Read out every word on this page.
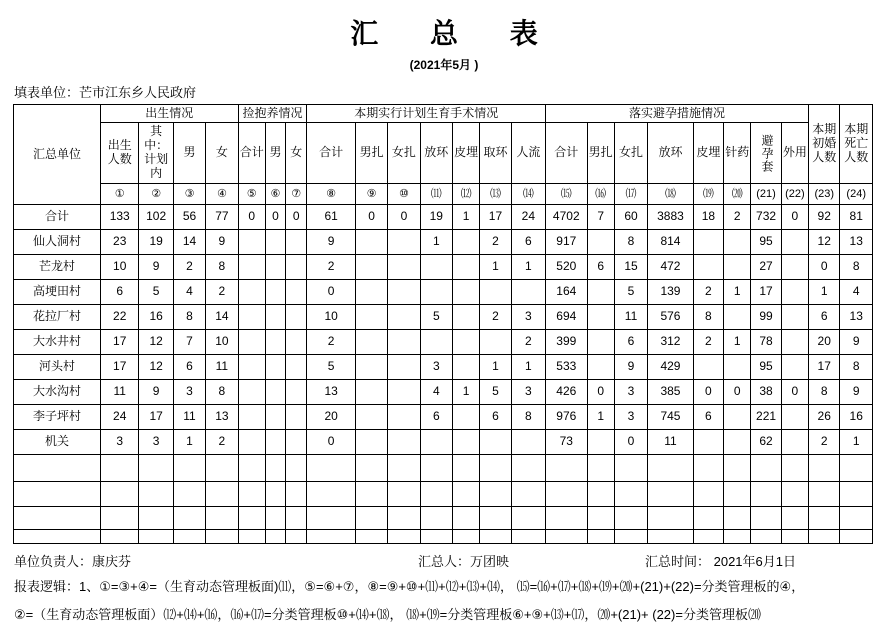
汇总表
(2021年5月 )
填表单位：芒市江东乡人民政府
汇总单位	出生情况				捡抱养情况			本期实行计划生育手术情况							落实避孕措施情况								本期初婚人数	本期死亡人数
	出生人数	其中：计划内	男	女	合计	男	女	合计	男扎	女扎	放环	皮埋	取环	人流	合计	男扎	女扎	放环	皮埋	针药	避孕套	外用		
	①	②	③	④	⑤	⑥	⑦	⑧	⑨	⑩	⑾	⑿	⒀	⒁	⒂	⒃	⒄	⒅	⒆	⒇	(21)	(22)	(23)	(24)
合计	133	102	56	77	0	0	0	61	0	0	19	1	17	24	4702	7	60	3883	18	2	732	0	92	81
仙人洞村	23	19	14	9				9			1		2	6	917		8	814			95		12	13
芒龙村	10	9	2	8				2					1	1	520	6	15	472			27		0	8
高埂田村	6	5	4	2				0							164		5	139	2	1	17		1	4
花拉厂村	22	16	8	14				10			5		2	3	694		11	576	8		99		6	13
大水井村	17	12	7	10				2						2	399		6	312	2	1	78		20	9
河头村	17	12	6	11				5			3		1	1	533		9	429			95		17	8
大水沟村	11	9	3	8				13			4	1	5	3	426	0	3	385	0	0	38	0	8	9
李子坪村	24	17	11	13				20			6		6	8	976	1	3	745	6		221		26	16
机关	3	3	1	2				0							73		0	11			62		2	1

单位负责人：康庆芬	汇总人：万团映	汇总时间： 2021年6月1日
报表逻辑：1、①=③+④=（生育动态管理板面)⑾，⑤=⑥+⑦，⑧=⑨+⑩+⑾+⑿+⒀+⒁， ⒂=⒃+⒄+⒅+⒆+⒇+(21)+(22)=分类管理板的④，
②=（生育动态管理板面）⑿+⒁+⒃，⒃+⒄=分类管理板⑩+⒁+⒅， ⒅+⒆=分类管理板⑥+⑨+⒀+⒄，⒇+(21)+ (22)=分类管理板⒇
